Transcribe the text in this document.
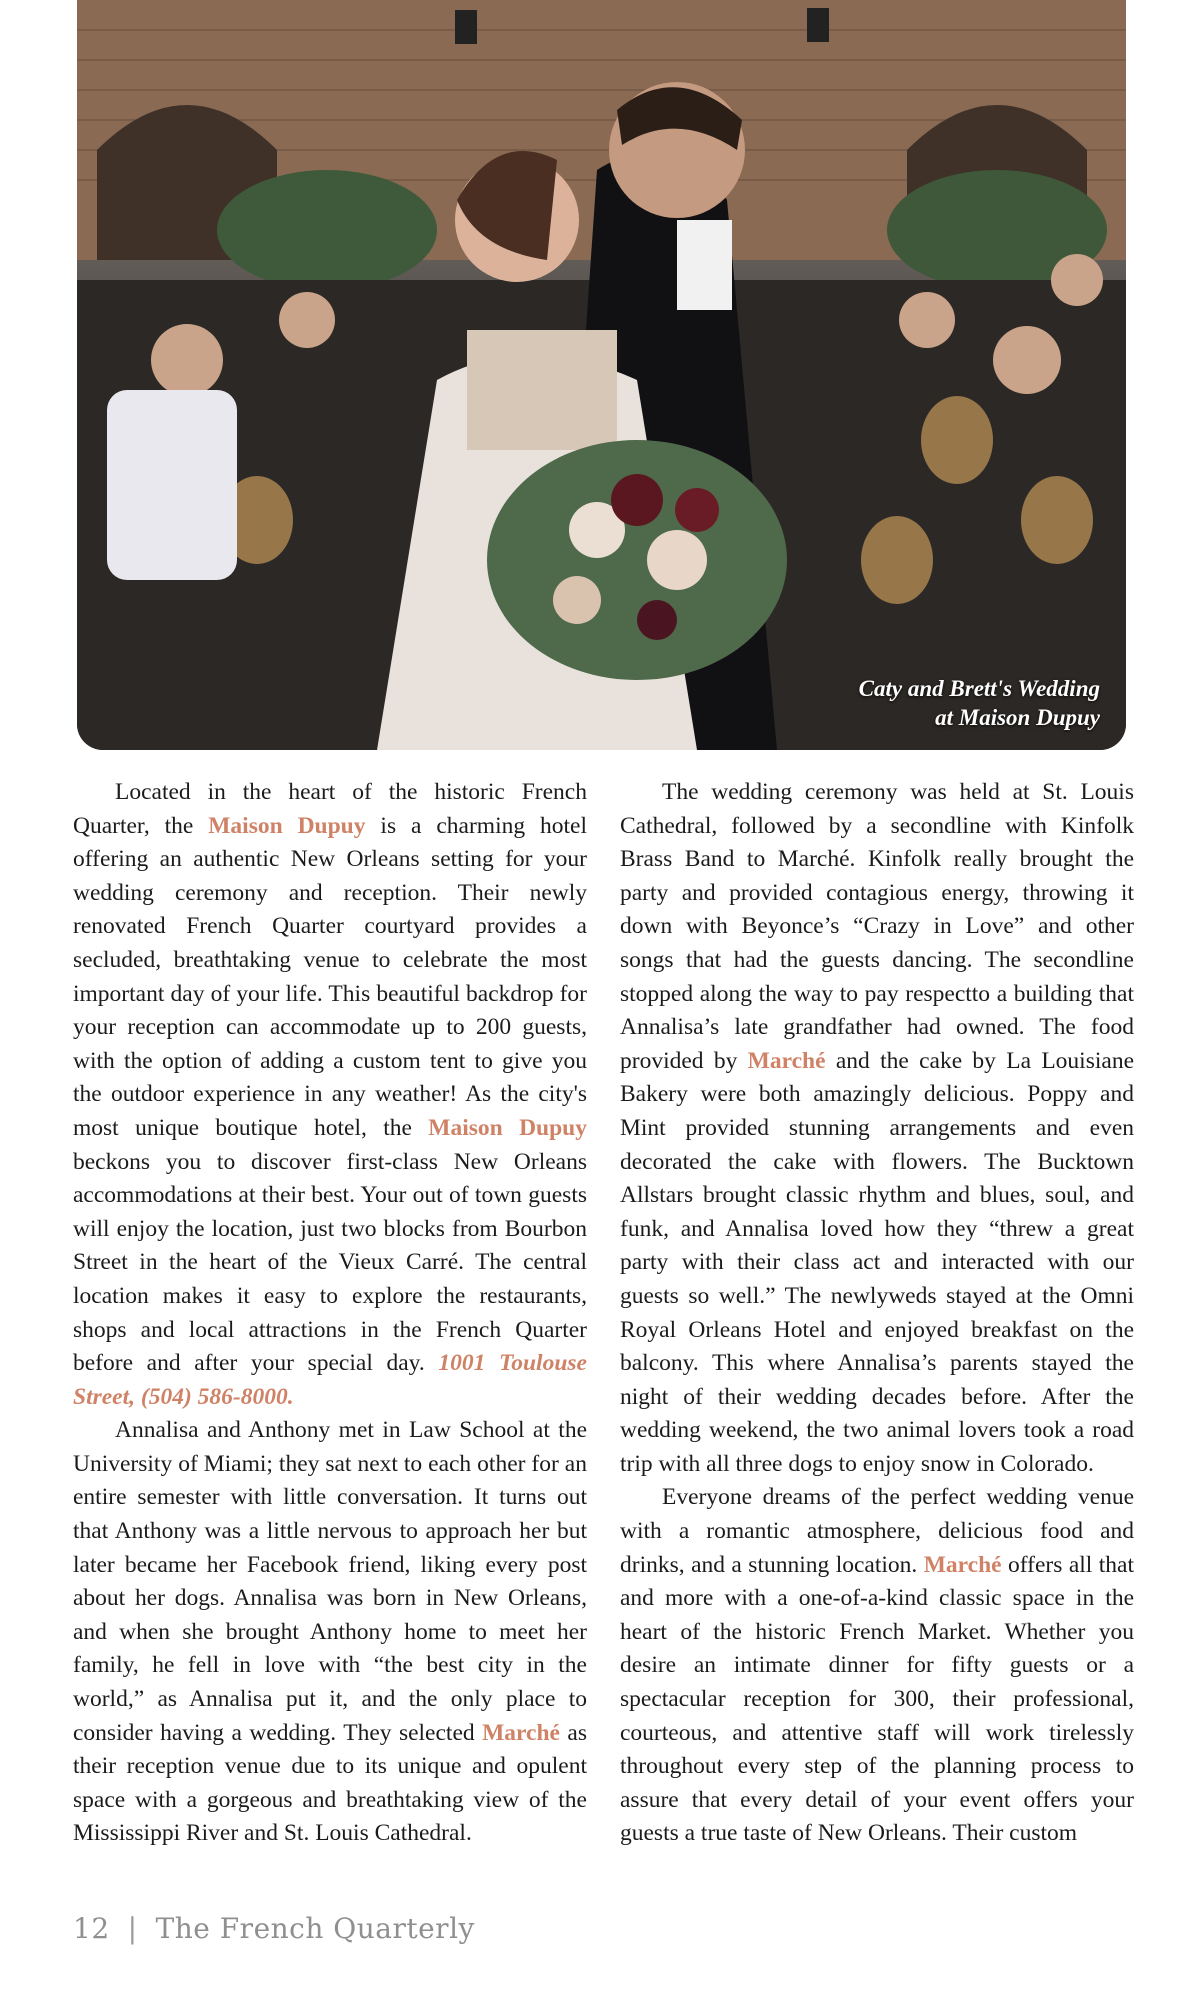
Caty and Brett's Wedding
at Maison Dupuy

Located in the heart of the historic French Quarter, the Maison Dupuy is a charming hotel offering an authentic New Orleans setting for your wedding ceremony and reception. Their newly renovated French Quarter courtyard provides a secluded, breathtaking venue to celebrate the most important day of your life. This beautiful backdrop for your reception can accommodate up to 200 guests, with the option of adding a custom tent to give you the outdoor experience in any weather! As the city's most unique boutique hotel, the Maison Dupuy beckons you to discover first-class New Orleans accommodations at their best. Your out of town guests will enjoy the location, just two blocks from Bourbon Street in the heart of the Vieux Carré. The central location makes it easy to explore the restaurants, shops and local attractions in the French Quarter before and after your special day. 1001 Toulouse Street, (504) 586-8000.

Annalisa and Anthony met in Law School at the University of Miami; they sat next to each other for an entire semester with little conversation. It turns out that Anthony was a little nervous to approach her but later became her Facebook friend, liking every post about her dogs. Annalisa was born in New Orleans, and when she brought Anthony home to meet her family, he fell in love with “the best city in the world,” as Annalisa put it, and the only place to consider having a wedding. They selected Marché as their reception venue due to its unique and opulent space with a gorgeous and breathtaking view of the Mississippi River and St. Louis Cathedral.

The wedding ceremony was held at St. Louis Cathedral, followed by a secondline with Kinfolk Brass Band to Marché. Kinfolk really brought the party and provided contagious energy, throwing it down with Beyonce’s “Crazy in Love” and other songs that had the guests dancing. The secondline stopped along the way to pay respectto a building that Annalisa’s late grandfather had owned. The food provided by Marché and the cake by La Louisiane Bakery were both amazingly delicious. Poppy and Mint provided stunning arrangements and even decorated the cake with flowers. The Bucktown Allstars brought classic rhythm and blues, soul, and funk, and Annalisa loved how they “threw a great party with their class act and interacted with our guests so well.” The newlyweds stayed at the Omni Royal Orleans Hotel and enjoyed breakfast on the balcony. This where Annalisa’s parents stayed the night of their wedding decades before. After the wedding weekend, the two animal lovers took a road trip with all three dogs to enjoy snow in Colorado.

Everyone dreams of the perfect wedding venue with a romantic atmosphere, delicious food and drinks, and a stunning location. Marché offers all that and more with a one-of-a-kind classic space in the heart of the historic French Market. Whether you desire an intimate dinner for fifty guests or a spectacular reception for 300, their professional, courteous, and attentive staff will work tirelessly throughout every step of the planning process to assure that every detail of your event offers your guests a true taste of New Orleans. Their custom

12 | The French Quarterly
